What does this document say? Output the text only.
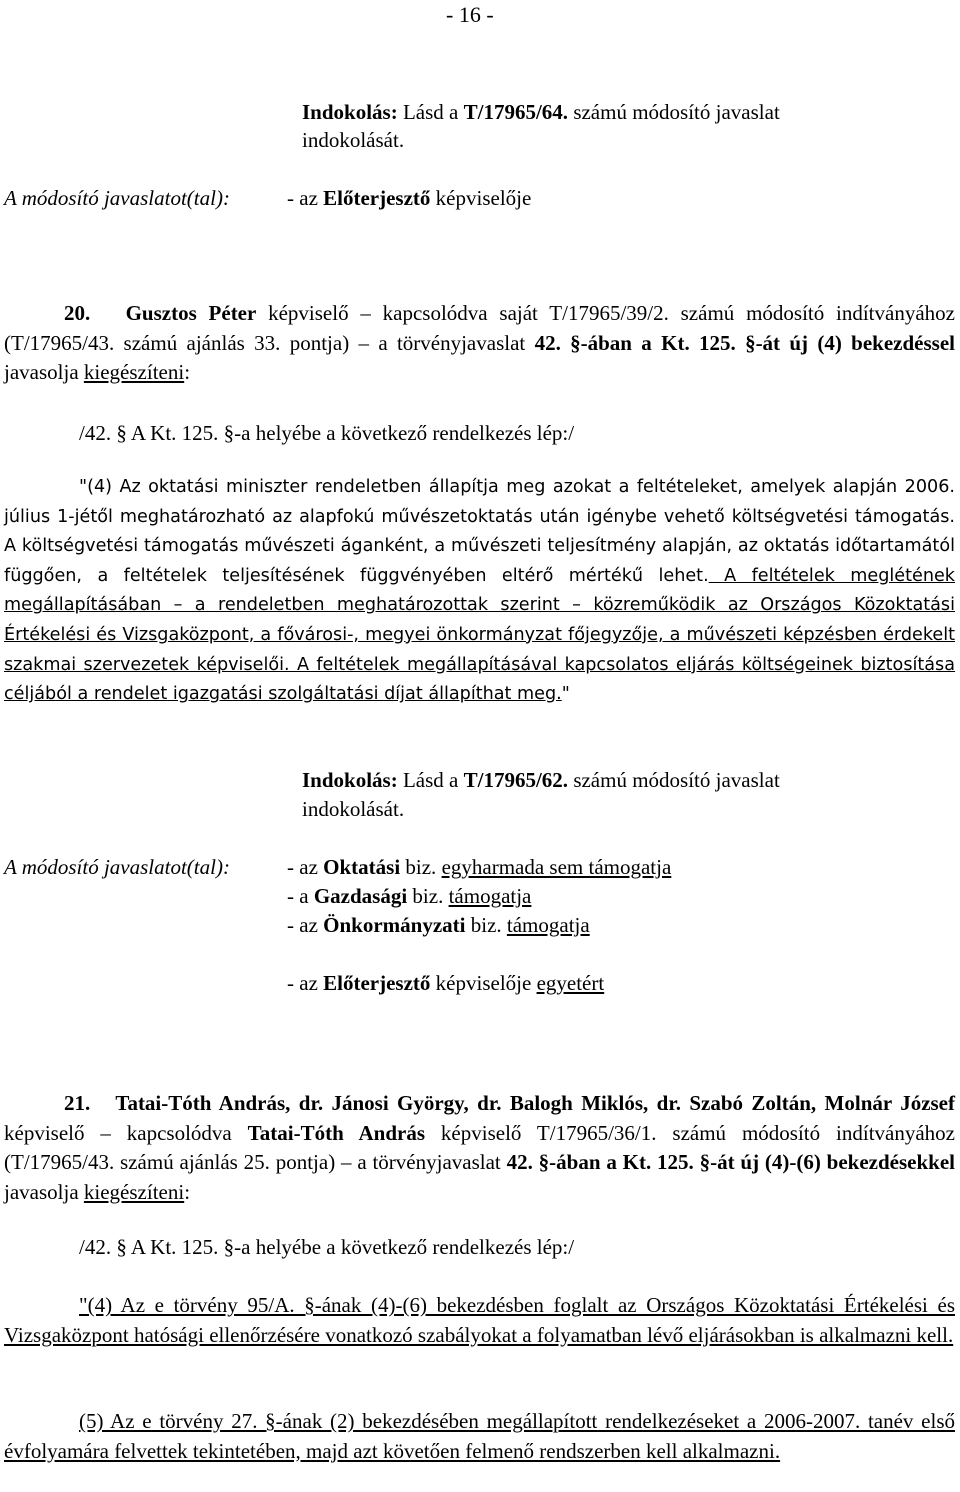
- 16 -
Indokolás: Lásd a T/17965/64. számú módosító javaslat
indokolását.
A módosító javaslatot(tal):	- az Előterjesztő képviselője
20. Gusztos Péter képviselő – kapcsolódva saját T/17965/39/2. számú módosító indítványához (T/17965/43. számú ajánlás 33. pontja) – a törvényjavaslat 42. §-ában a Kt. 125. §-át új (4) bekezdéssel javasolja kiegészíteni:
/42. § A Kt. 125. §-a helyébe a következő rendelkezés lép:/
"(4) Az oktatási miniszter rendeletben állapítja meg azokat a feltételeket, amelyek alapján 2006. július 1-jétől meghatározható az alapfokú művészetoktatás után igénybe vehető költségvetési támogatás. A költségvetési támogatás művészeti áganként, a művészeti teljesítmény alapján, az oktatás időtartamától függően, a feltételek teljesítésének függvényében eltérő mértékű lehet. A feltételek meglétének megállapításában – a rendeletben meghatározottak szerint – közreműködik az Országos Közoktatási Értékelési és Vizsgaközpont, a fővárosi-, megyei önkormányzat főjegyzője, a művészeti képzésben érdekelt szakmai szervezetek képviselői. A feltételek megállapításával kapcsolatos eljárás költségeinek biztosítása céljából a rendelet igazgatási szolgáltatási díjat állapíthat meg."
Indokolás: Lásd a T/17965/62. számú módosító javaslat
indokolását.
A módosító javaslatot(tal):	- az Oktatási biz. egyharmada sem támogatja
- a Gazdasági biz. támogatja
- az Önkormányzati biz. támogatja
- az Előterjesztő képviselője egyetért
21. Tatai-Tóth András, dr. Jánosi György, dr. Balogh Miklós, dr. Szabó Zoltán, Molnár József képviselő – kapcsolódva Tatai-Tóth András képviselő T/17965/36/1. számú módosító indítványához (T/17965/43. számú ajánlás 25. pontja) – a törvényjavaslat 42. §-ában a Kt. 125. §-át új (4)-(6) bekezdésekkel javasolja kiegészíteni:
/42. § A Kt. 125. §-a helyébe a következő rendelkezés lép:/
"(4) Az e törvény 95/A. §-ának (4)-(6) bekezdésben foglalt az Országos Közoktatási Értékelési és Vizsgaközpont hatósági ellenőrzésére vonatkozó szabályokat a folyamatban lévő eljárásokban is alkalmazni kell.
(5) Az e törvény 27. §-ának (2) bekezdésében megállapított rendelkezéseket a 2006-2007. tanév első évfolyamára felvettek tekintetében, majd azt követően felmenő rendszerben kell alkalmazni.
